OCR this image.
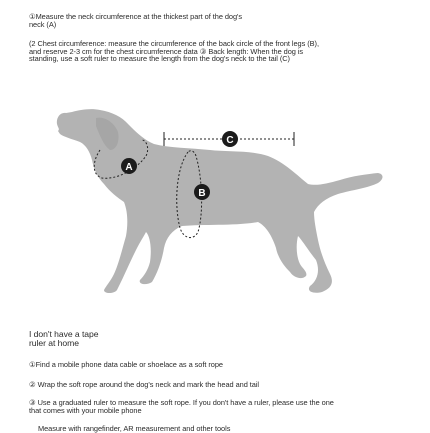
①Measure the neck circumference at the thickest part of the dog's
neck (A)
(2 Chest circumference: measure the circumference of the back circle of the front legs (B),
and reserve 2-3 cm for the chest circumference data ③ Back length: When the dog is
standing, use a soft ruler to measure the length from the dog's neck to the tail (C)
A
B
C
I don't have a tape
ruler at home
①Find a mobile phone data cable or shoelace as a soft rope
② Wrap the soft rope around the dog's neck and mark the head and tail
③ Use a graduated ruler to measure the soft rope. If you don't have a ruler, please use the one
that comes with your mobile phone
Measure with rangefinder, AR measurement and other tools
